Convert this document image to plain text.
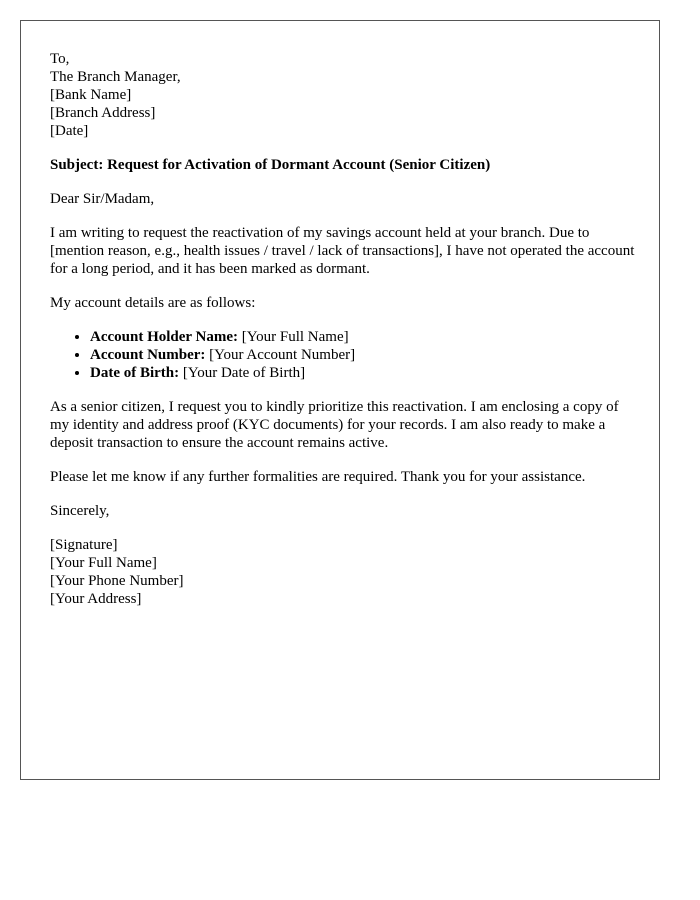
To,
The Branch Manager,
[Bank Name]
[Branch Address]
[Date]

Subject: Request for Activation of Dormant Account (Senior Citizen)

Dear Sir/Madam,

I am writing to request the reactivation of my savings account held at your branch. Due to [mention reason, e.g., health issues / travel / lack of transactions], I have not operated the account for a long period, and it has been marked as dormant.

My account details are as follows:

• Account Holder Name: [Your Full Name]
• Account Number: [Your Account Number]
• Date of Birth: [Your Date of Birth]

As a senior citizen, I request you to kindly prioritize this reactivation. I am enclosing a copy of my identity and address proof (KYC documents) for your records. I am also ready to make a deposit transaction to ensure the account remains active.

Please let me know if any further formalities are required. Thank you for your assistance.

Sincerely,

[Signature]
[Your Full Name]
[Your Phone Number]
[Your Address]
